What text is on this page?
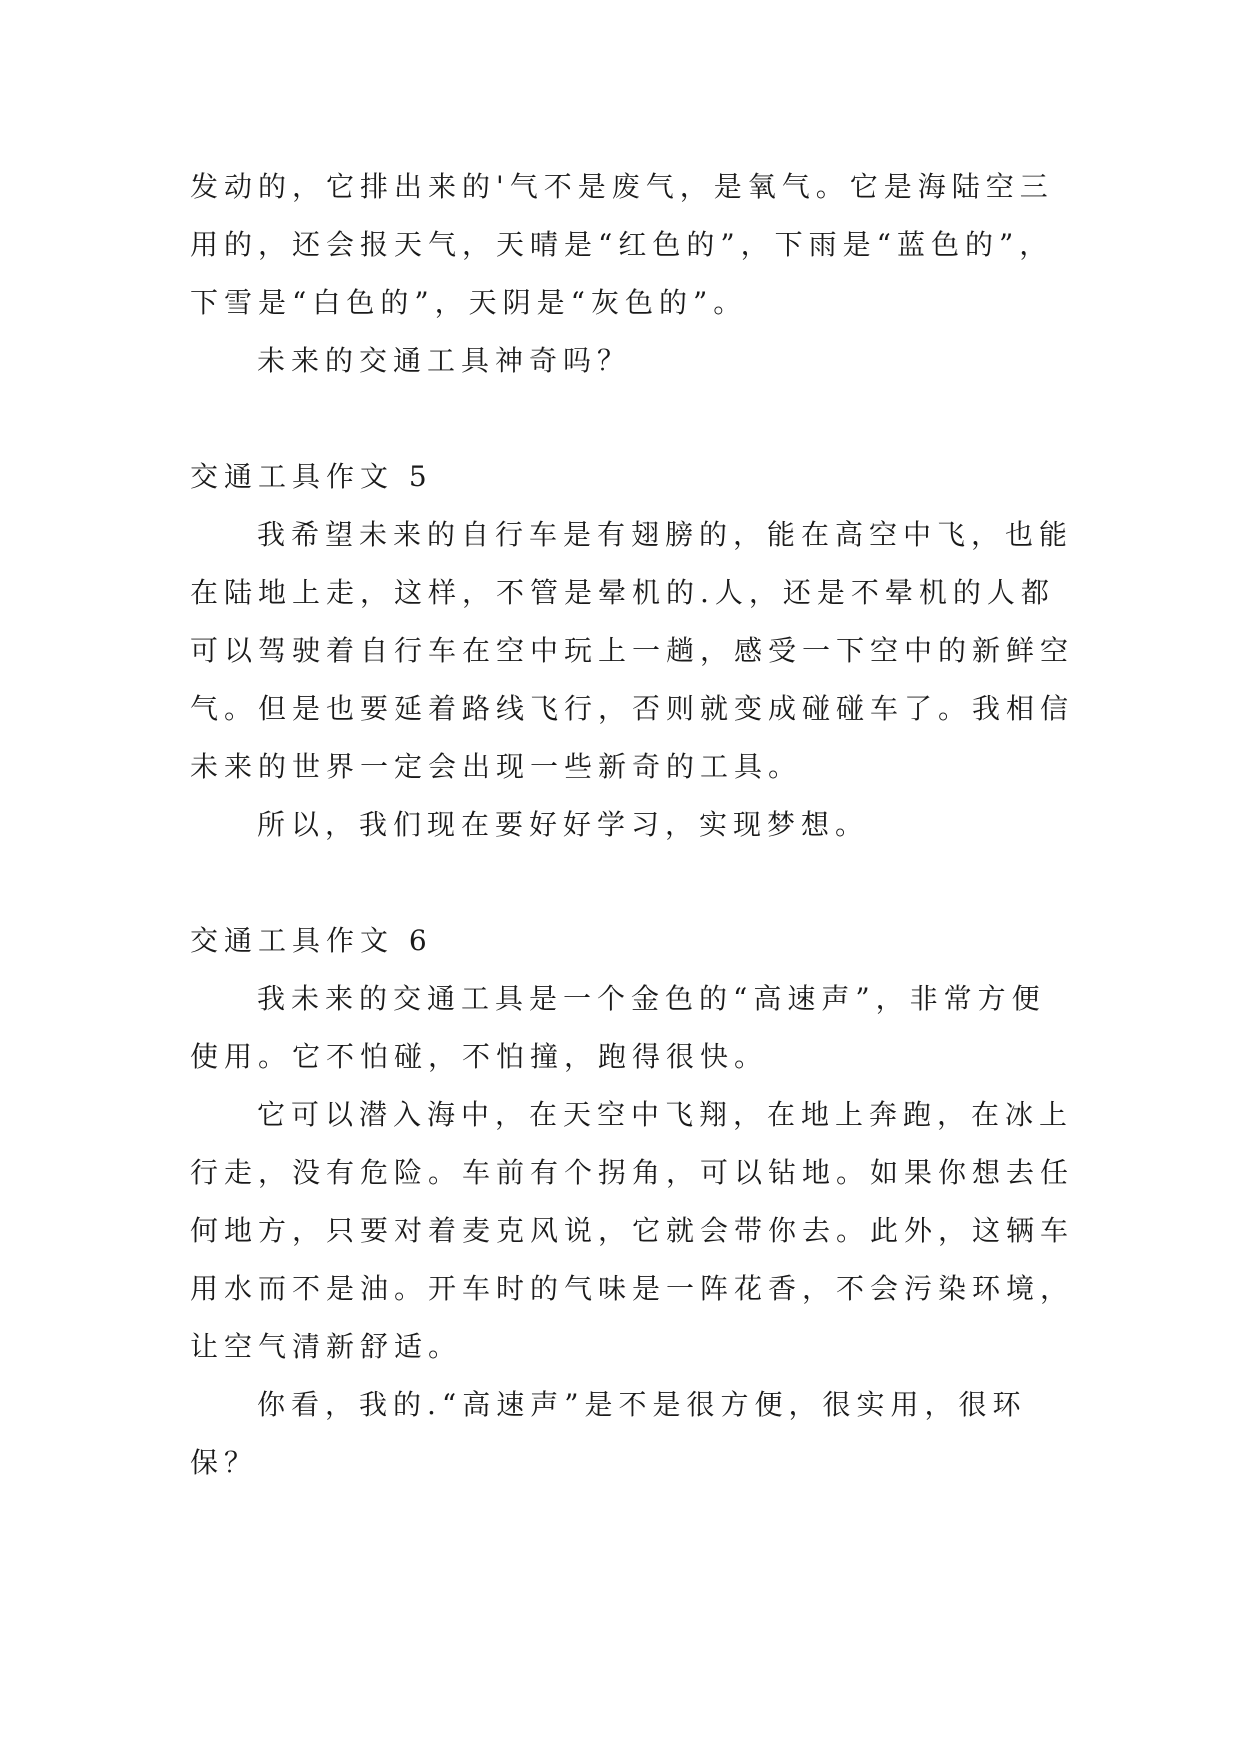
发动的，它排出来的'气不是废气，是氧气。它是海陆空三
用的，还会报天气，天晴是“红色的”，下雨是“蓝色的”，
下雪是“白色的”，天阴是“灰色的”。

未来的交通工具神奇吗？

交通工具作文 5

我希望未来的自行车是有翅膀的，能在高空中飞，也能
在陆地上走，这样，不管是晕机的.人，还是不晕机的人都
可以驾驶着自行车在空中玩上一趟，感受一下空中的新鲜空
气。但是也要延着路线飞行，否则就变成碰碰车了。我相信
未来的世界一定会出现一些新奇的工具。

所以，我们现在要好好学习，实现梦想。

交通工具作文 6

我未来的交通工具是一个金色的“高速声”，非常方便
使用。它不怕碰，不怕撞，跑得很快。

它可以潜入海中，在天空中飞翔，在地上奔跑，在冰上
行走，没有危险。车前有个拐角，可以钻地。如果你想去任
何地方，只要对着麦克风说，它就会带你去。此外，这辆车
用水而不是油。开车时的气味是一阵花香，不会污染环境，
让空气清新舒适。

你看，我的.“高速声”是不是很方便，很实用，很环
保？
